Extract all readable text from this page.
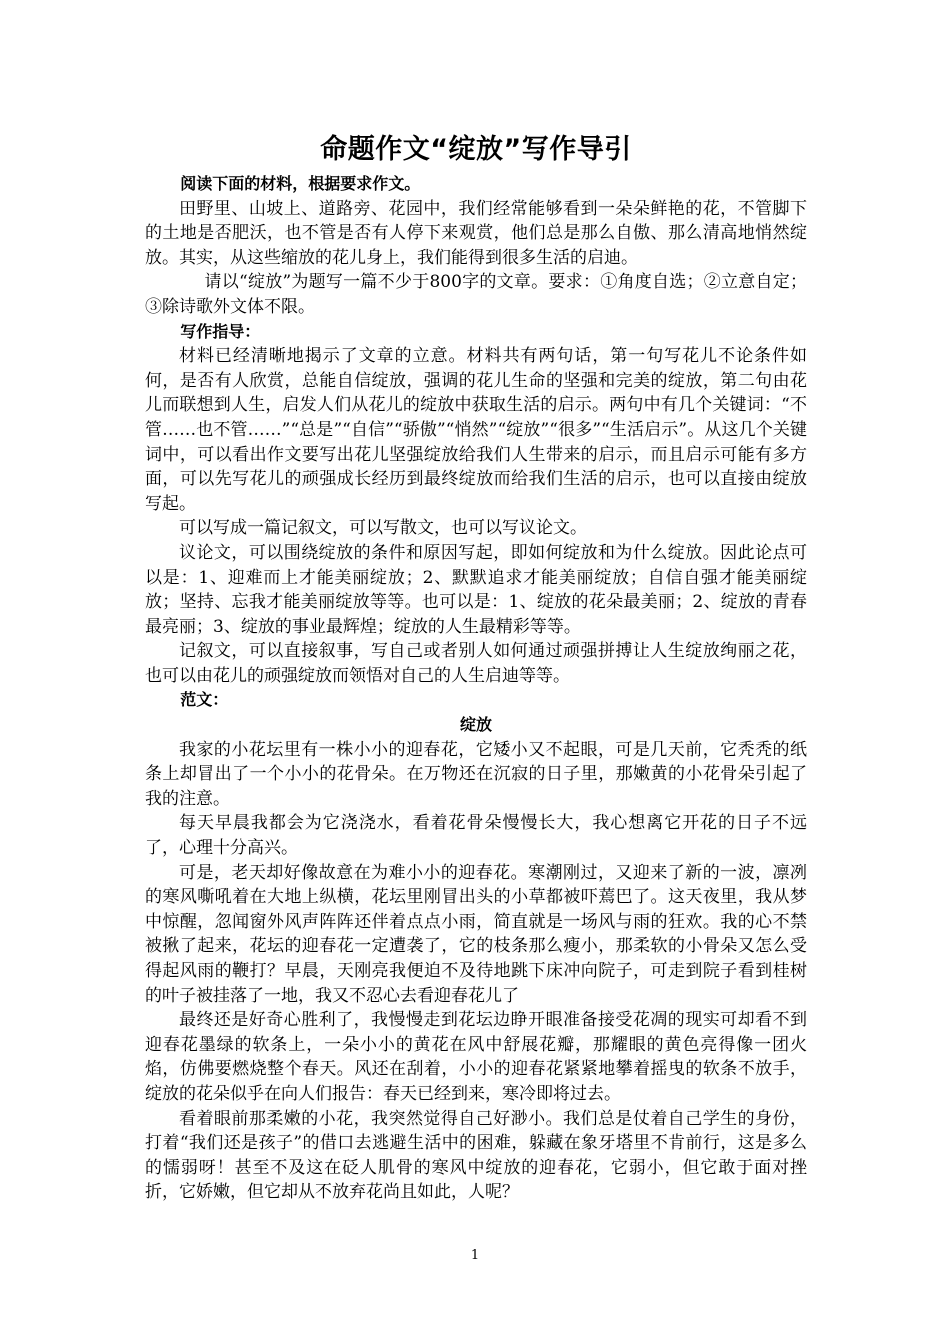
命题作文“绽放”写作导引

阅读下面的材料，根据要求作文。

田野里、山坡上、道路旁、花园中，我们经常能够看到一朵朵鲜艳的花，不管脚下的土地是否肥沃，也不管是否有人停下来观赏，他们总是那么自傲、那么清高地悄然绽放。其实，从这些缩放的花儿身上，我们能得到很多生活的启迪。

请以“绽放”为题写一篇不少于800字的文章。要求：①角度自选；②立意自定；③除诗歌外文体不限。

写作指导：

材料已经清晰地揭示了文章的立意。材料共有两句话，第一句写花儿不论条件如何，是否有人欣赏，总能自信绽放，强调的花儿生命的坚强和完美的绽放，第二句由花儿而联想到人生，启发人们从花儿的绽放中获取生活的启示。两句中有几个关键词：“不管……也不管……”“总是”“自信”“骄傲”“悄然”“绽放”“很多”“生活启示”。从这几个关键词中，可以看出作文要写出花儿坚强绽放给我们人生带来的启示，而且启示可能有多方面，可以先写花儿的顽强成长经历到最终绽放而给我们生活的启示，也可以直接由绽放写起。

可以写成一篇记叙文，可以写散文，也可以写议论文。

议论文，可以围绕绽放的条件和原因写起，即如何绽放和为什么绽放。因此论点可以是：1、迎难而上才能美丽绽放；2、默默追求才能美丽绽放；自信自强才能美丽绽放；坚持、忘我才能美丽绽放等等。也可以是：1、绽放的花朵最美丽；2、绽放的青春最亮丽；3、绽放的事业最辉煌；绽放的人生最精彩等等。

记叙文，可以直接叙事，写自己或者别人如何通过顽强拼搏让人生绽放绚丽之花，也可以由花儿的顽强绽放而领悟对自己的人生启迪等等。

范文：

绽放

我家的小花坛里有一株小小的迎春花，它矮小又不起眼，可是几天前，它秃秃的纸条上却冒出了一个小小的花骨朵。在万物还在沉寂的日子里，那嫩黄的小花骨朵引起了我的注意。

每天早晨我都会为它浇浇水，看着花骨朵慢慢长大，我心想离它开花的日子不远了，心理十分高兴。

可是，老天却好像故意在为难小小的迎春花。寒潮刚过，又迎来了新的一波，凛冽的寒风嘶吼着在大地上纵横，花坛里刚冒出头的小草都被吓蔫巴了。这天夜里，我从梦中惊醒，忽闻窗外风声阵阵还伴着点点小雨，简直就是一场风与雨的狂欢。我的心不禁被揪了起来，花坛的迎春花一定遭袭了，它的枝条那么瘦小，那柔软的小骨朵又怎么受得起风雨的鞭打？早晨，天刚亮我便迫不及待地跳下床冲向院子，可走到院子看到桂树的叶子被挂落了一地，我又不忍心去看迎春花儿了

最终还是好奇心胜利了，我慢慢走到花坛边睁开眼准备接受花凋的现实可却看不到迎春花墨绿的软条上，一朵小小的黄花在风中舒展花瓣，那耀眼的黄色亮得像一团火焰，仿佛要燃烧整个春天。风还在刮着，小小的迎春花紧紧地攀着摇曳的软条不放手，绽放的花朵似乎在向人们报告：春天已经到来，寒冷即将过去。

看着眼前那柔嫩的小花，我突然觉得自己好渺小。我们总是仗着自己学生的身份，打着“我们还是孩子”的借口去逃避生活中的困难，躲藏在象牙塔里不肯前行，这是多么的懦弱呀！甚至不及这在砭人肌骨的寒风中绽放的迎春花，它弱小，但它敢于面对挫折，它娇嫩，但它却从不放弃花尚且如此，人呢？

1
